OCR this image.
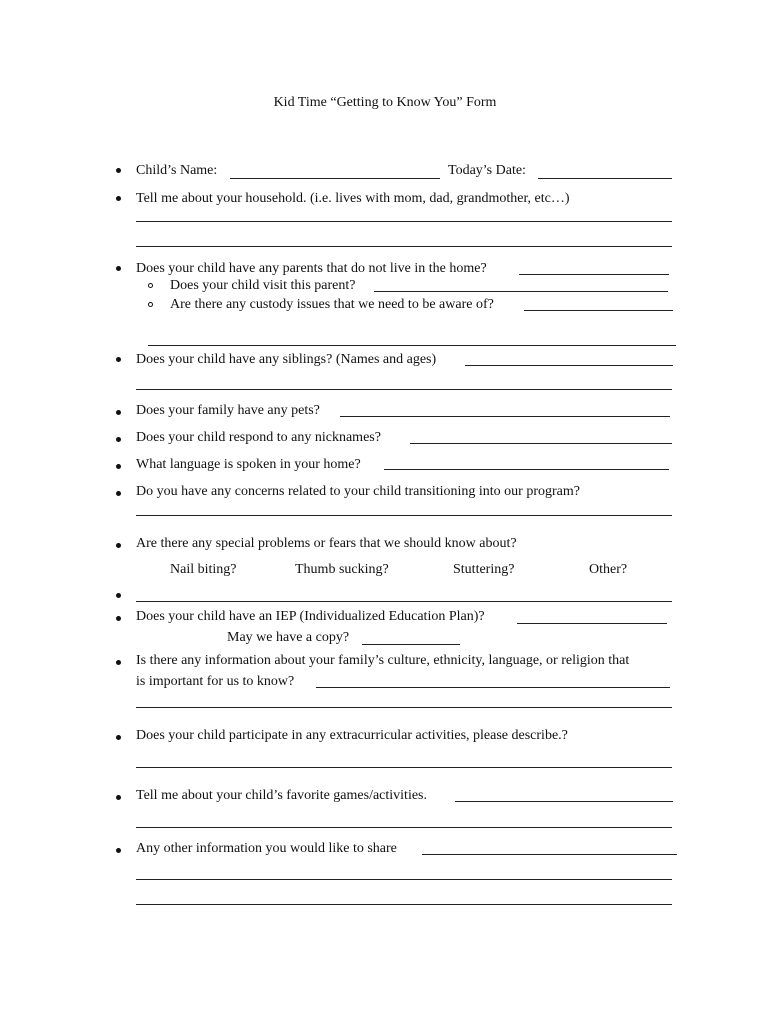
Kid Time “Getting to Know You” Form
Child’s Name:	Today’s Date:
Tell me about your household. (i.e. lives with mom, dad, grandmother, etc…)
Does your child have any parents that do not live in the home?
Does your child visit this parent?
Are there any custody issues that we need to be aware of?
Does your child have any siblings? (Names and ages)
Does your family have any pets?
Does your child respond to any nicknames?
What language is spoken in your home?
Do you have any concerns related to your child transitioning into our program?
Are there any special problems or fears that we should know about?
Nail biting?	Thumb sucking?	Stuttering?	Other?
Does your child have an IEP (Individualized Education Plan)?
May we have a copy?
Is there any information about your family’s culture, ethnicity, language, or religion that
is important for us to know?
Does your child participate in any extracurricular activities, please describe.?
Tell me about your child’s favorite games/activities.
Any other information you would like to share
